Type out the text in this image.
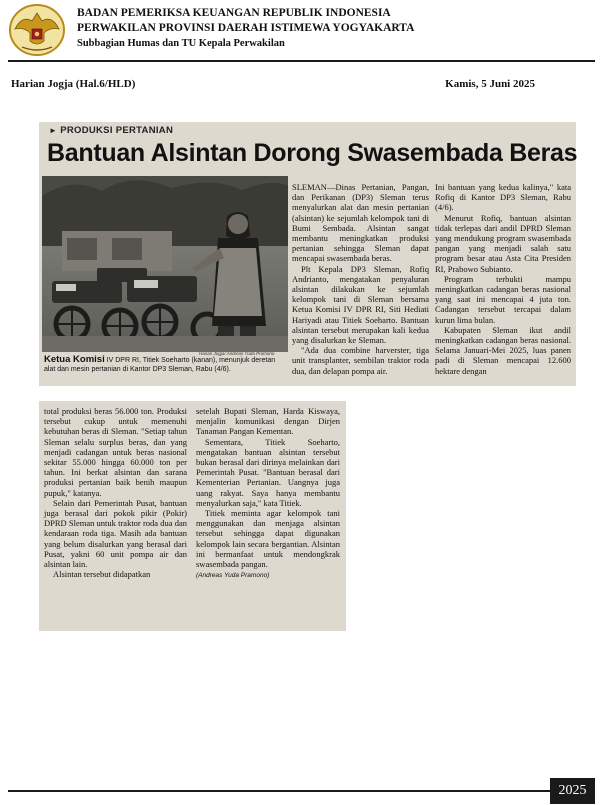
BADAN PEMERIKSA KEUANGAN REPUBLIK INDONESIA
PERWAKILAN PROVINSI DAERAH ISTIMEWA YOGYAKARTA
Subbagian Humas dan TU Kepala Perwakilan
Harian Jogja (Hal.6/HLD)	Kamis, 5 Juni 2025
► PRODUKSI PERTANIAN
Bantuan Alsintan Dorong Swasembada Beras
Harian Jogja/ Andreas Yuda Pramono
Ketua Komisi IV DPR RI, Titiek Soeharto (kanan), menunjuk deretan alat dan mesin pertanian di Kantor DP3 Sleman, Rabu (4/6).

SLEMAN—Dinas Pertanian, Pangan, dan Perikanan (DP3) Sleman terus menyalurkan alat dan mesin pertanian (alsintan) ke sejumlah kelompok tani di Bumi Sembada. Alsintan sangat membantu meningkatkan produksi pertanian sehingga Sleman dapat mencapai swasembada beras.

Plt Kepala DP3 Sleman, Rofiq Andrianto, mengatakan penyaluran alsintan dilakukan ke sejumlah kelompok tani di Sleman bersama Ketua Komisi IV DPR RI, Siti Hediati Hariyadi atau Titiek Soeharto. Bantuan alsintan tersebut merupakan kali kedua yang disalurkan ke Sleman.

"Ada dua combine harverster, tiga unit transplanter, sembilan traktor roda dua, dan delapan pompa air.

Ini bantuan yang kedua kalinya," kata Rofiq di Kantor DP3 Sleman, Rabu (4/6).

Menurut Rofiq, bantuan alsintan tidak terlepas dari andil DPRD Sleman yang mendukung program swasembada pangan yang menjadi salah satu program besar atau Asta Cita Presiden RI, Prabowo Subianto.

Program terbukti mampu meningkatkan cadangan beras nasional yang saat ini mencapai 4 juta ton. Cadangan tersebut tercapai dalam kurun lima bulan.

Kabupaten Sleman ikut andil meningkatkan cadangan beras nasional. Selama Januari-Mei 2025, luas panen padi di Sleman mencapai 12.600 hektare dengan

total produksi beras 56.000 ton. Produksi tersebut cukup untuk memenuhi kebutuhan beras di Sleman. "Setiap tahun Sleman selalu surplus beras, dan yang menjadi cadangan untuk beras nasional sekitar 55.000 hingga 60.000 ton per tahun. Ini berkat alsintan dan sarana produksi pertanian baik benih maupun pupuk," katanya.

Selain dari Pemerintah Pusat, bantuan juga berasal dari pokok pikir (Pokir) DPRD Sleman untuk traktor roda dua dan kendaraan roda tiga. Masih ada bantuan yang belum disalurkan yang berasal dari Pusat, yakni 60 unit pompa air dan alsintan lain.

Alsintan tersebut didapatkan

setelah Bupati Sleman, Harda Kiswaya, menjalin komunikasi dengan Dirjen Tanaman Pangan Kementan.

Sementara, Titiek Soeharto, mengatakan bantuan alsintan tersebut bukan berasal dari dirinya melainkan dari Pemerintah Pusat. "Bantuan berasal dari Kementerian Pertanian. Uangnya juga uang rakyat. Saya hanya membantu menyalurkan saja," kata Titiek.

Titiek meminta agar kelompok tani menggunakan dan menjaga alsintan tersebut sehingga dapat digunakan kelompok lain secara bergantian. Alsintan ini bermanfaat untuk mendongkrak swasembada pangan.

(Andreas Yuda Pramono)

2025
